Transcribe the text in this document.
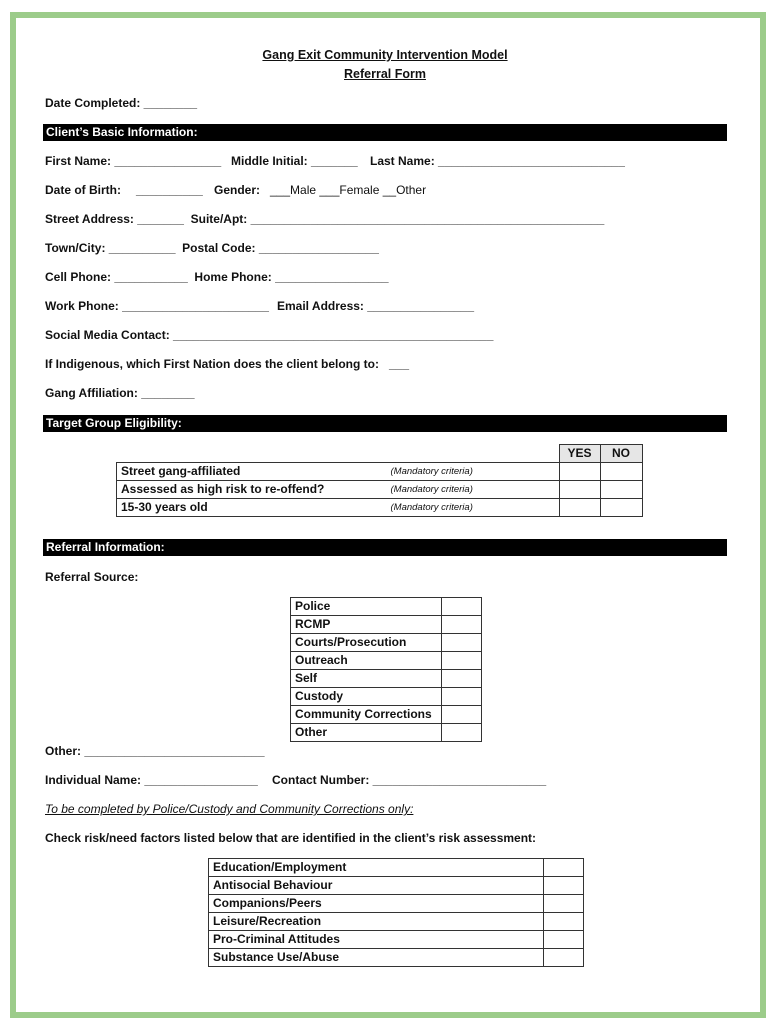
Gang Exit Community Intervention Model
Referral Form
Date Completed: ________
Client’s Basic Information:
First Name: ________________ Middle Initial: _______ Last Name: ____________________________
Date of Birth: __________ Gender: ___Male ___Female __Other
Street Address: _______  Suite/Apt: _____________________________________________________
Town/City: __________  Postal Code: __________________
Cell Phone: ___________  Home Phone: _________________
Work Phone: ______________________ Email Address: ________________
Social Media Contact: ________________________________________________
If Indigenous, which First Nation does the client belong to:   ___
Gang Affiliation: ________
Target Group Eligibility:
		YES	NO
Street gang-affiliated	(Mandatory criteria)		
Assessed as high risk to re-offend?	(Mandatory criteria)		
15-30 years old	(Mandatory criteria)		
Referral Information:
Referral Source:
Police	
RCMP	
Courts/Prosecution	
Outreach	
Self	
Custody	
Community Corrections	
Other	
Other: ___________________________
Individual Name: _________________ Contact Number: __________________________
To be completed by Police/Custody and Community Corrections only:
Check risk/need factors listed below that are identified in the client’s risk assessment:
Education/Employment	
Antisocial Behaviour	
Companions/Peers	
Leisure/Recreation	
Pro-Criminal Attitudes	
Substance Use/Abuse	
